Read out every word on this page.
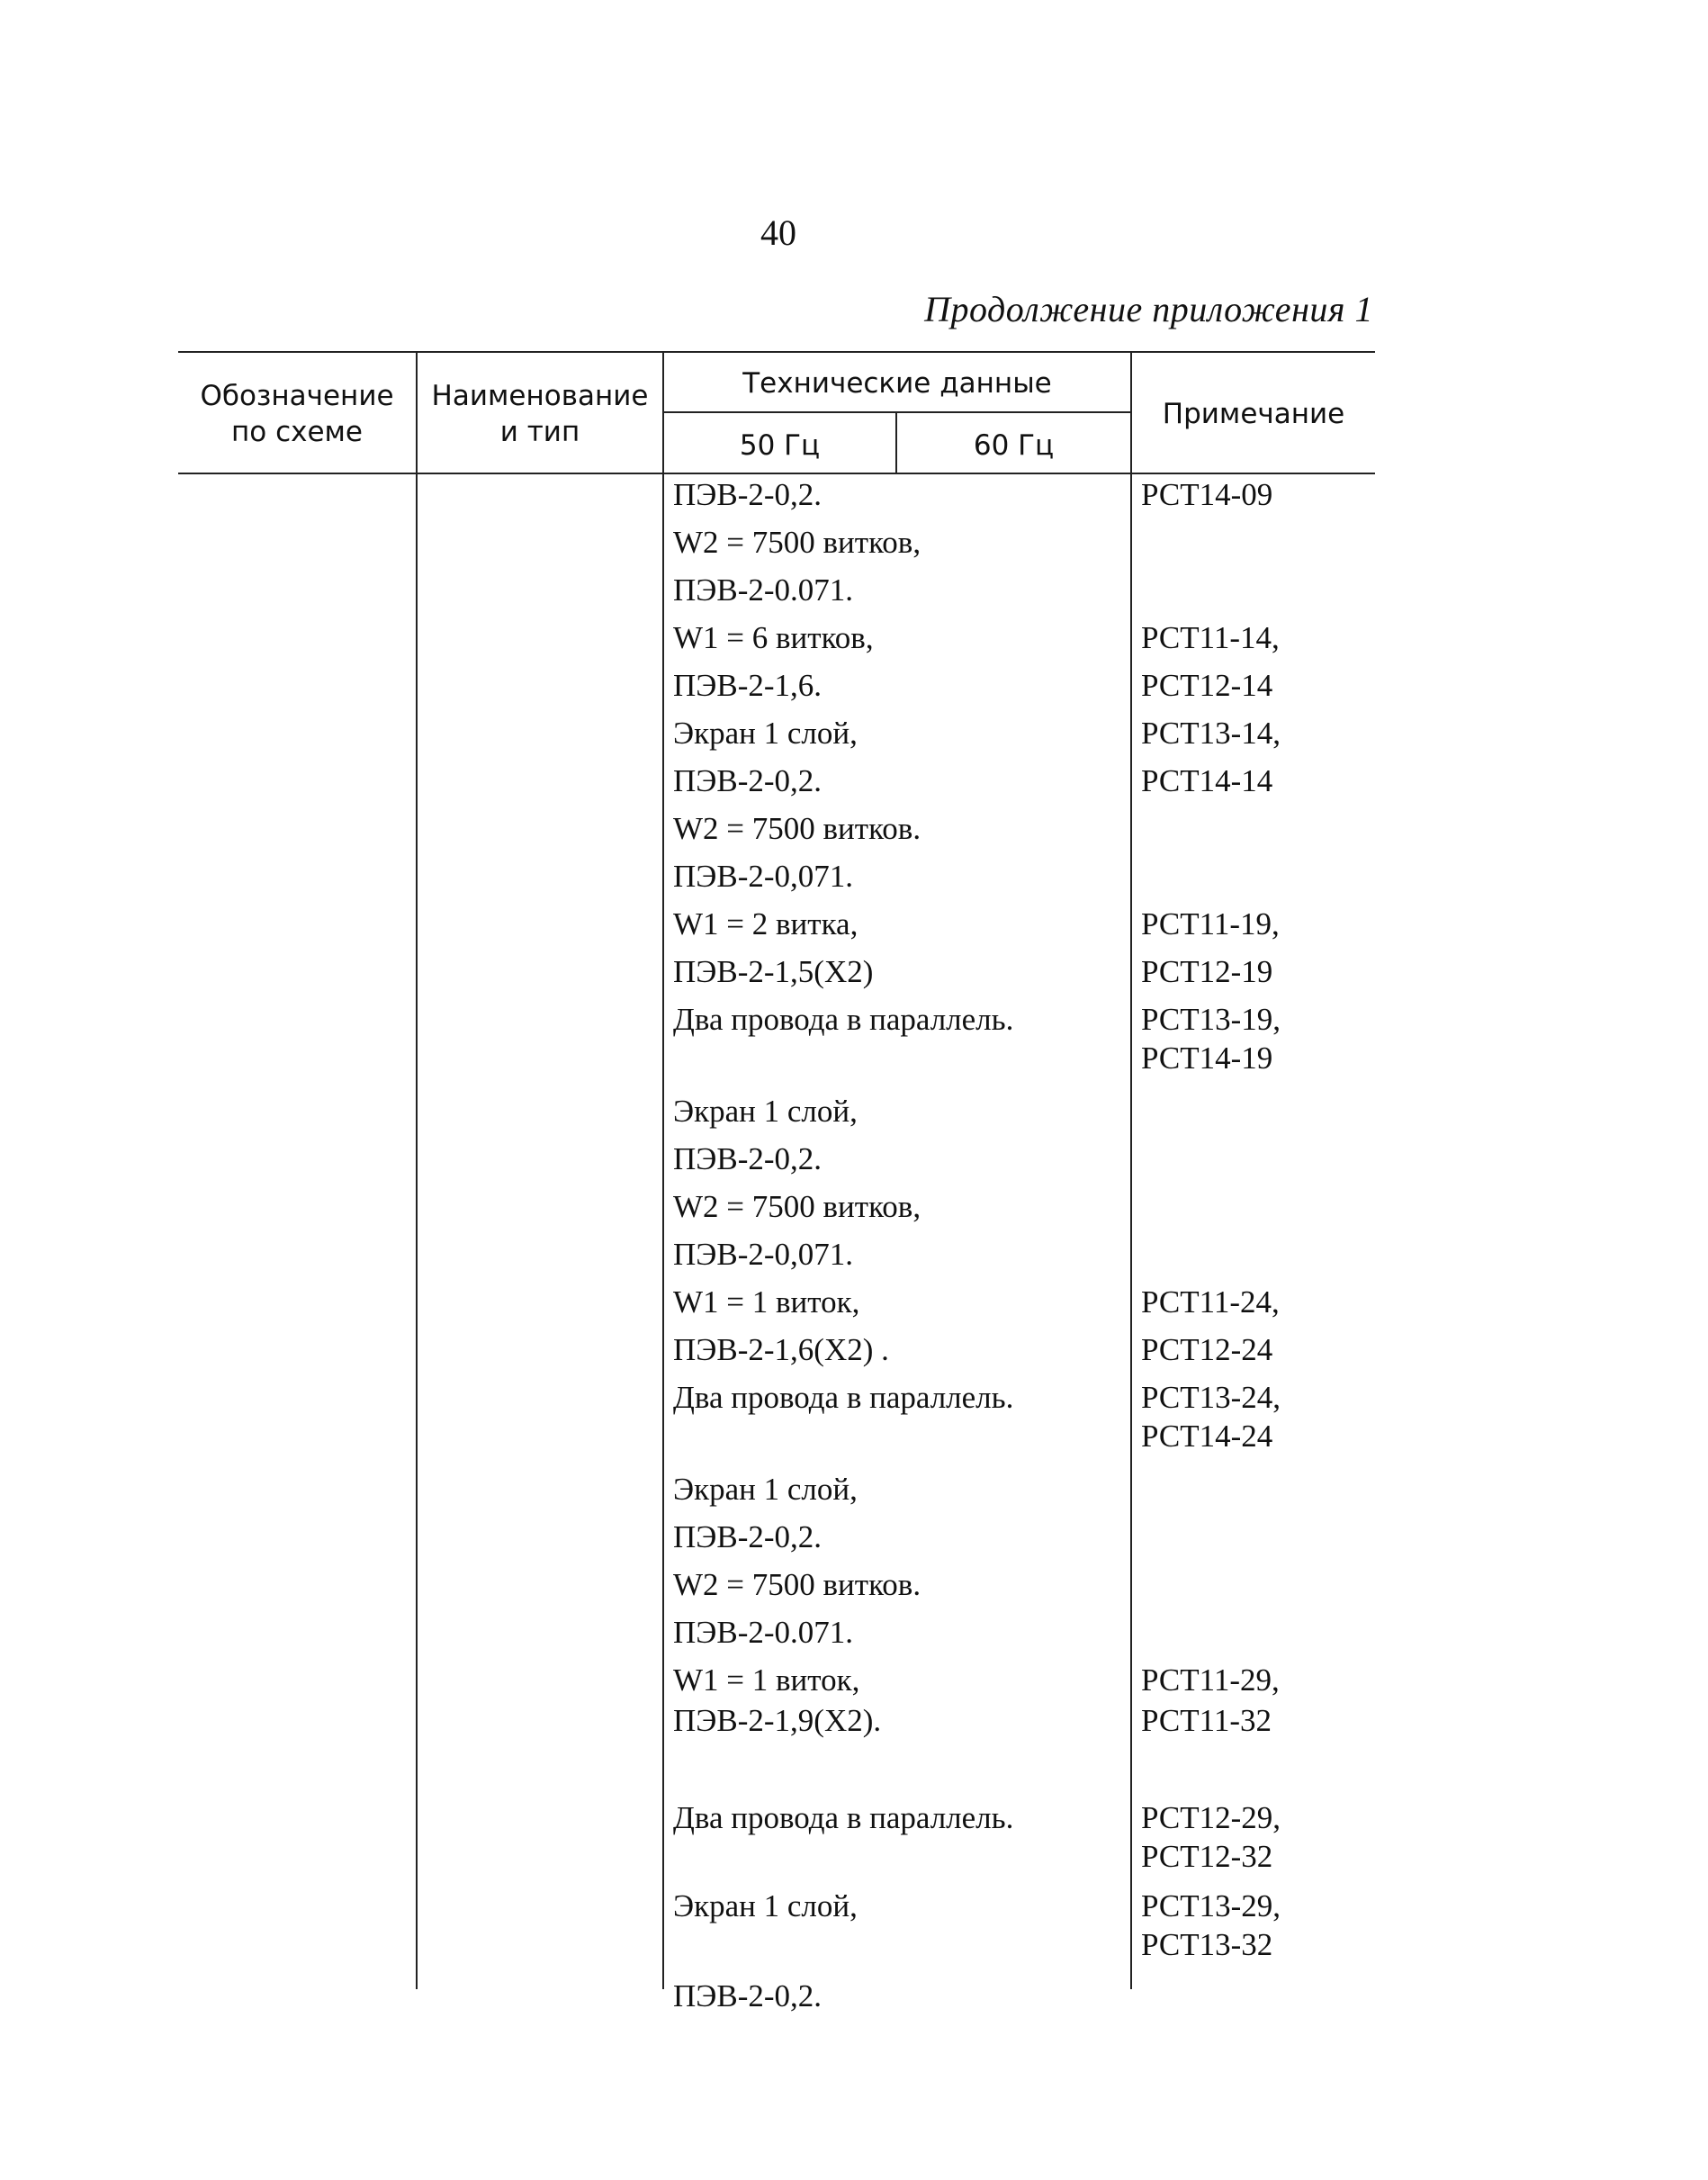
40
Продолжение приложения 1
Обозначение
по схеме
Наименование
и тип
Технические данные
50 Гц	60 Гц
Примечание
ПЭВ-2-0,2.
W2 = 7500 витков,
ПЭВ-2-0.071.
W1 = 6 витков,
ПЭВ-2-1,6.
Экран 1 слой,
ПЭВ-2-0,2.
W2 = 7500 витков.
ПЭВ-2-0,071.
W1 = 2 витка,
ПЭВ-2-1,5(Х2)
Два провода в параллель.
Экран 1 слой,
ПЭВ-2-0,2.
W2 = 7500 витков,
ПЭВ-2-0,071.
W1 = 1 виток,
ПЭВ-2-1,6(Х2) .
Два провода в параллель.
Экран 1 слой,
ПЭВ-2-0,2.
W2 = 7500 витков.
ПЭВ-2-0.071.
W1 = 1 виток,
ПЭВ-2-1,9(Х2).
Два провода в параллель.
Экран 1 слой,
ПЭВ-2-0,2.
РСТ14-09
РСТ11-14,
РСТ12-14
РСТ13-14,
РСТ14-14
РСТ11-19,
РСТ12-19
РСТ13-19,
РСТ14-19
РСТ11-24,
РСТ12-24
РСТ13-24,
РСТ14-24
РСТ11-29,
РСТ11-32
РСТ12-29,
РСТ12-32
РСТ13-29,
РСТ13-32
